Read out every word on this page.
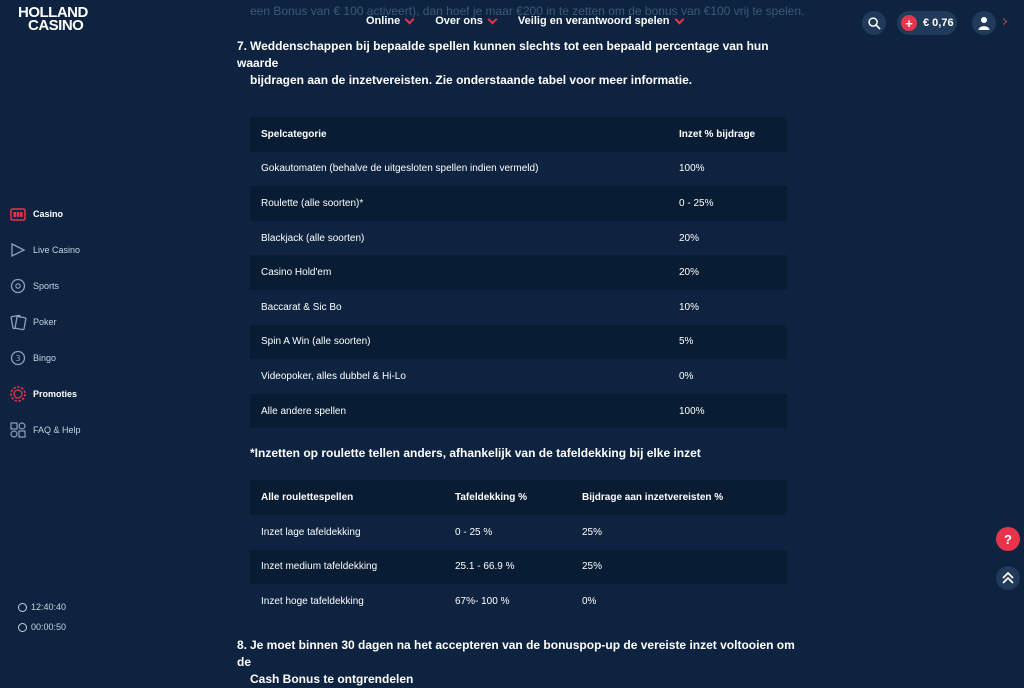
HOLLAND
CASINO	Online	Over ons	Veilig en verantwoord spelen	+ € 0,76
een Bonus van € 100 activeert), dan hoef je maar €200 in te zetten om de bonus van €100 vrij te spelen.
Casino
Live Casino
Sports
Poker
3 Bingo
Promoties
FAQ & Help
12:40:40
00:00:50
7. Weddenschappen bij bepaalde spellen kunnen slechts tot een bepaald percentage van hun waarde
bijdragen aan de inzetvereisten. Zie onderstaande tabel voor meer informatie.
Spelcategorie	Inzet % bijdrage
Gokautomaten (behalve de uitgesloten spellen indien vermeld)	100%
Roulette (alle soorten)*	0 - 25%
Blackjack (alle soorten)	20%
Casino Hold'em	20%
Baccarat & Sic Bo	10%
Spin A Win (alle soorten)	5%
Videopoker, alles dubbel & Hi-Lo	0%
Alle andere spellen	100%
*Inzetten op roulette tellen anders, afhankelijk van de tafeldekking bij elke inzet
Alle roulettespellen	Tafeldekking %	Bijdrage aan inzetvereisten %
Inzet lage tafeldekking	0 - 25 %	25%
Inzet medium tafeldekking	25.1 - 66.9 %	25%
Inzet hoge tafeldekking	67%- 100 %	0%
8. Je moet binnen 30 dagen na het accepteren van de bonuspop-up de vereiste inzet voltooien om de
Cash Bonus te ontgrendelen
?
